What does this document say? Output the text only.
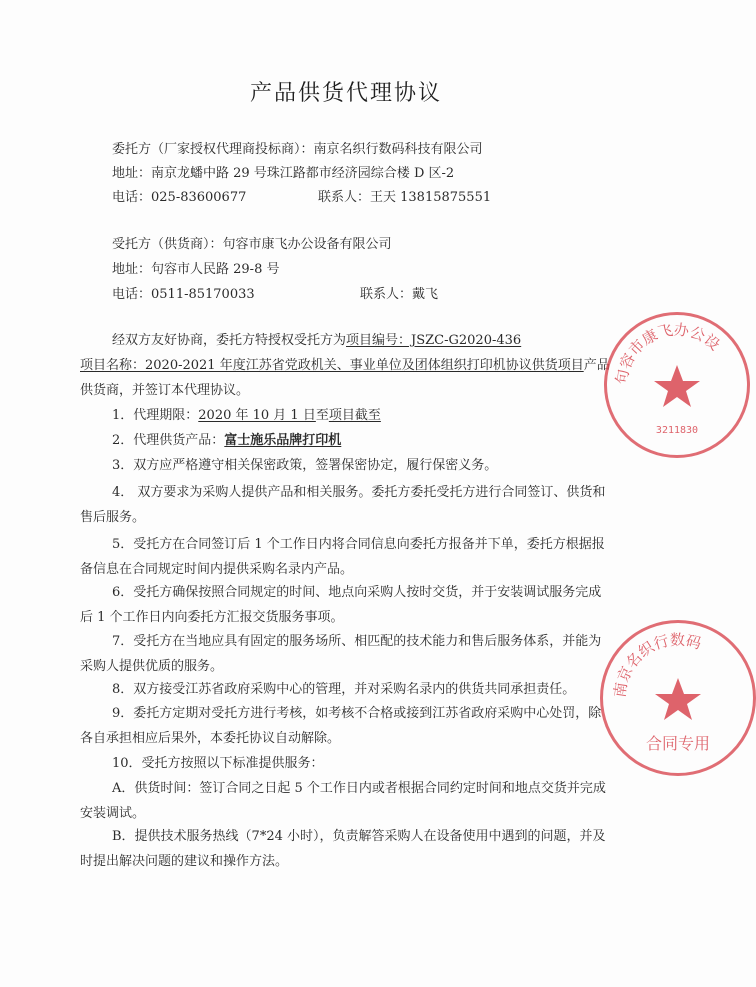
产品供货代理协议
委托方（厂家授权代理商投标商）：南京名织行数码科技有限公司
地址：南京龙蟠中路 29 号珠江路都市经济园综合楼 D 区-2
电话：025-83600677	联系人：王天 13815875551
受托方（供货商）：句容市康飞办公设备有限公司
地址：句容市人民路 29-8 号
电话：0511-85170033	联系人：戴飞
经双方友好协商，委托方特授权受托方为项目编号：JSZC-G2020-436
项目名称：2020-2021 年度江苏省党政机关、事业单位及团体组织打印机协议供货项目产品
供货商，并签订本代理协议。
1．代理期限：2020 年 10 月 1 日至项目截至
2．代理供货产品：富士施乐品牌打印机
3．双方应严格遵守相关保密政策，签署保密协定，履行保密义务。
4． 双方要求为采购人提供产品和相关服务。委托方委托受托方进行合同签订、供货和
售后服务。
5．受托方在合同签订后 1 个工作日内将合同信息向委托方报备并下单，委托方根据报
备信息在合同规定时间内提供采购名录内产品。
6．受托方确保按照合同规定的时间、地点向采购人按时交货，并于安装调试服务完成
后 1 个工作日内向委托方汇报交货服务事项。
7．受托方在当地应具有固定的服务场所、相匹配的技术能力和售后服务体系，并能为
采购人提供优质的服务。
8．双方接受江苏省政府采购中心的管理，并对采购名录内的供货共同承担责任。
9．委托方定期对受托方进行考核，如考核不合格或接到江苏省政府采购中心处罚，除
各自承担相应后果外，本委托协议自动解除。
10．受托方按照以下标准提供服务：
A．供货时间：签订合同之日起 5 个工作日内或者根据合同约定时间和地点交货并完成
安装调试。
B．提供技术服务热线（7*24 小时），负责解答采购人在设备使用中遇到的问题，并及
时提出解决问题的建议和操作方法。
句容市康飞办公设
3211830
南京名织行数码
合同专用
